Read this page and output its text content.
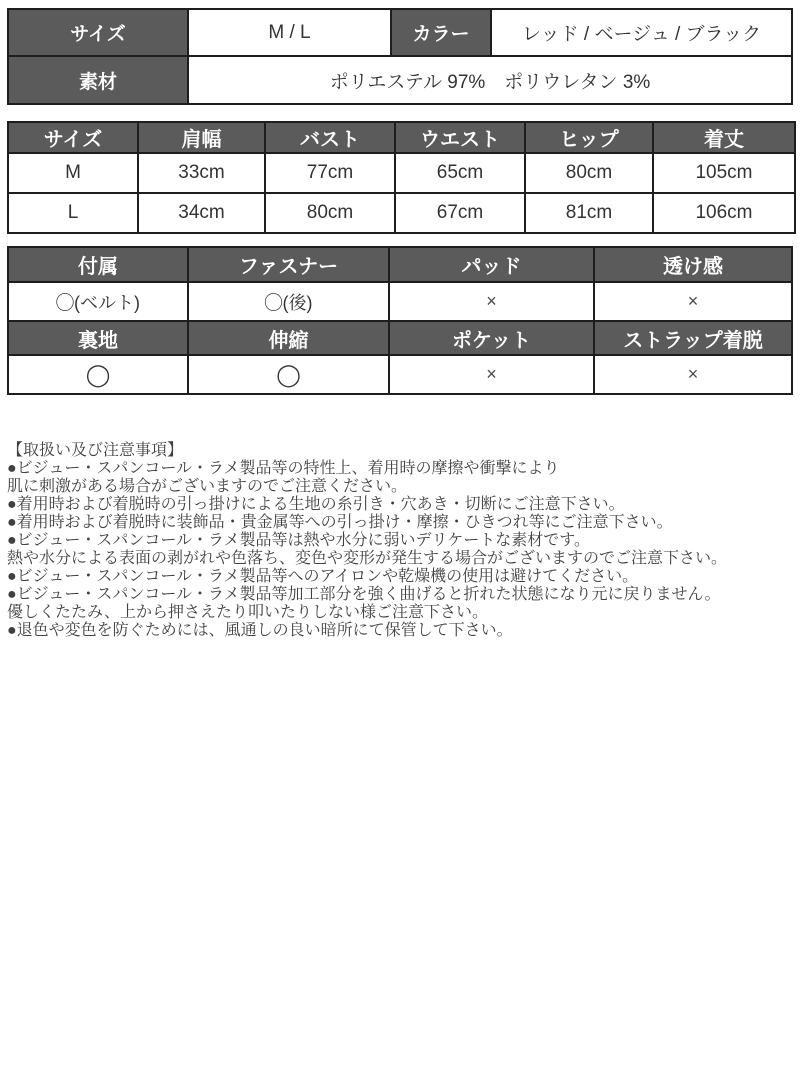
サイズ	M / L	カラー	レッド / ベージュ / ブラック
素材	ポリエステル 97%　ポリウレタン 3%		
サイズ	肩幅	バスト	ウエスト	ヒップ	着丈
M	33cm	77cm	65cm	80cm	105cm
L	34cm	80cm	67cm	81cm	106cm
付属	ファスナー	パッド	透け感
◯(ベルト)	◯(後)	×	×
裏地	伸縮	ポケット	ストラップ着脱
◯	◯	×	×
【取扱い及び注意事項】
●ビジュー・スパンコール・ラメ製品等の特性上、着用時の摩擦や衝撃により
肌に刺激がある場合がございますのでご注意ください。
●着用時および着脱時の引っ掛けによる生地の糸引き・穴あき・切断にご注意下さい。
●着用時および着脱時に装飾品・貴金属等への引っ掛け・摩擦・ひきつれ等にご注意下さい。
●ビジュー・スパンコール・ラメ製品等は熱や水分に弱いデリケートな素材です。
熱や水分による表面の剥がれや色落ち、変色や変形が発生する場合がございますのでご注意下さい。
●ビジュー・スパンコール・ラメ製品等へのアイロンや乾燥機の使用は避けてください。
●ビジュー・スパンコール・ラメ製品等加工部分を強く曲げると折れた状態になり元に戻りません。
優しくたたみ、上から押さえたり叩いたりしない様ご注意下さい。
●退色や変色を防ぐためには、風通しの良い暗所にて保管して下さい。
